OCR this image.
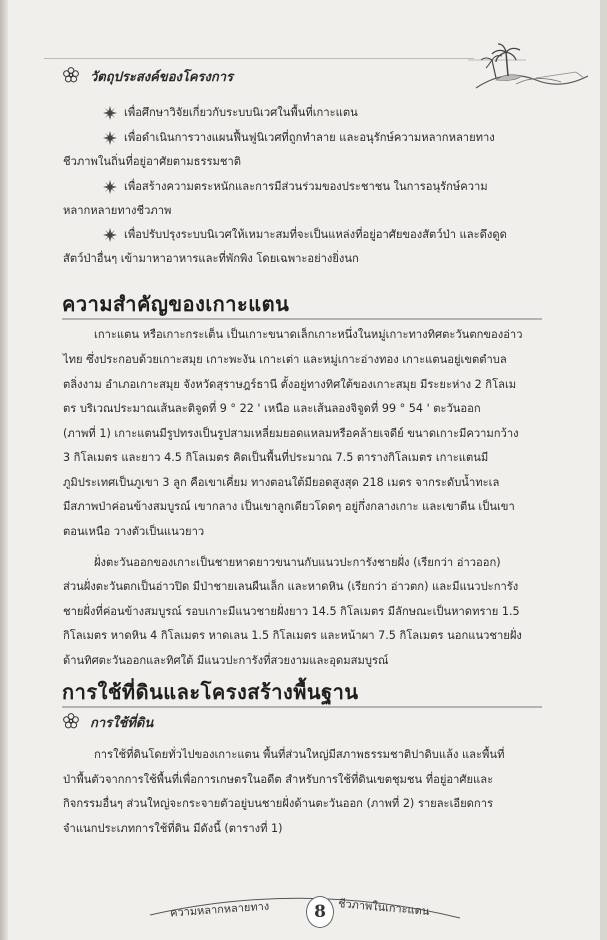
วัตถุประสงค์ของโครงการ
เพื่อศึกษาวิจัยเกี่ยวกับระบบนิเวศในพื้นที่เกาะแตน
เพื่อดำเนินการวางแผนฟื้นฟูนิเวศที่ถูกทำลาย และอนุรักษ์ความหลากหลายทาง
ชีวภาพในถิ่นที่อยู่อาศัยตามธรรมชาติ
เพื่อสร้างความตระหนักและการมีส่วนร่วมของประชาชน ในการอนุรักษ์ความ
หลากหลายทางชีวภาพ
เพื่อปรับปรุงระบบนิเวศให้เหมาะสมที่จะเป็นแหล่งที่อยู่อาศัยของสัตว์ป่า และดึงดูด
สัตว์ป่าอื่นๆ เข้ามาหาอาหารและที่พักพิง โดยเฉพาะอย่างยิ่งนก
ความสำคัญของเกาะแตน
เกาะแตน หรือเกาะกระเต็น เป็นเกาะขนาดเล็กเกาะหนึ่งในหมู่เกาะทางทิศตะวันตกของอ่าว
ไทย ซึ่งประกอบด้วยเกาะสมุย เกาะพะงัน เกาะเต่า และหมู่เกาะอ่างทอง เกาะแตนอยู่เขตตำบล
ตลิ่งงาม อำเภอเกาะสมุย จังหวัดสุราษฎร์ธานี ตั้งอยู่ทางทิศใต้ของเกาะสมุย มีระยะห่าง 2 กิโลเม
ตร บริเวณประมาณเส้นละติจูดที่ 9 ° 22 ' เหนือ และเส้นลองจิจูดที่ 99 ° 54 ' ตะวันออก
(ภาพที่ 1) เกาะแตนมีรูปทรงเป็นรูปสามเหลี่ยมยอดแหลมหรือคล้ายเจดีย์ ขนาดเกาะมีความกว้าง
3 กิโลเมตร และยาว 4.5 กิโลเมตร คิดเป็นพื้นที่ประมาณ 7.5 ตารางกิโลเมตร เกาะแตนมี
ภูมิประเทศเป็นภูเขา 3 ลูก คือเขาเคี่ยม ทางตอนใต้มียอดสูงสุด 218 เมตร จากระดับน้ำทะเล
มีสภาพป่าค่อนข้างสมบูรณ์ เขากลาง เป็นเขาลูกเดียวโดดๆ อยู่กึ่งกลางเกาะ และเขาตีน เป็นเขา
ตอนเหนือ วางตัวเป็นแนวยาว
ฝั่งตะวันออกของเกาะเป็นชายหาดยาวขนานกับแนวปะการังชายฝั่ง (เรียกว่า อ่าวออก)
ส่วนฝั่งตะวันตกเป็นอ่าวปิด มีป่าชายเลนผืนเล็ก และหาดหิน (เรียกว่า อ่าวตก) และมีแนวปะการัง
ชายฝั่งที่ค่อนข้างสมบูรณ์ รอบเกาะมีแนวชายฝั่งยาว 14.5 กิโลเมตร มีลักษณะเป็นหาดทราย 1.5
กิโลเมตร หาดหิน 4 กิโลเมตร หาดเลน 1.5 กิโลเมตร และหน้าผา 7.5 กิโลเมตร นอกแนวชายฝั่ง
ด้านทิศตะวันออกและทิศใต้ มีแนวปะการังที่สวยงามและอุดมสมบูรณ์
การใช้ที่ดินและโครงสร้างพื้นฐาน
การใช้ที่ดิน
การใช้ที่ดินโดยทั่วไปของเกาะแตน พื้นที่ส่วนใหญ่มีสภาพธรรมชาติปาดิบแล้ง และพื้นที่
ป่าพื้นตัวจากการใช้พื้นที่เพื่อการเกษตรในอดีต สำหรับการใช้ที่ดินเขตชุมชน ที่อยู่อาศัยและ
กิจกรรมอื่นๆ ส่วนใหญ่จะกระจายตัวอยู่บนชายฝั่งด้านตะวันออก (ภาพที่ 2) รายละเอียดการ
จำแนกประเภทการใช้ที่ดิน มีดังนี้ (ตารางที่ 1)
ความหลากหลายทาง	8	ชีวภาพในเกาะแตน
